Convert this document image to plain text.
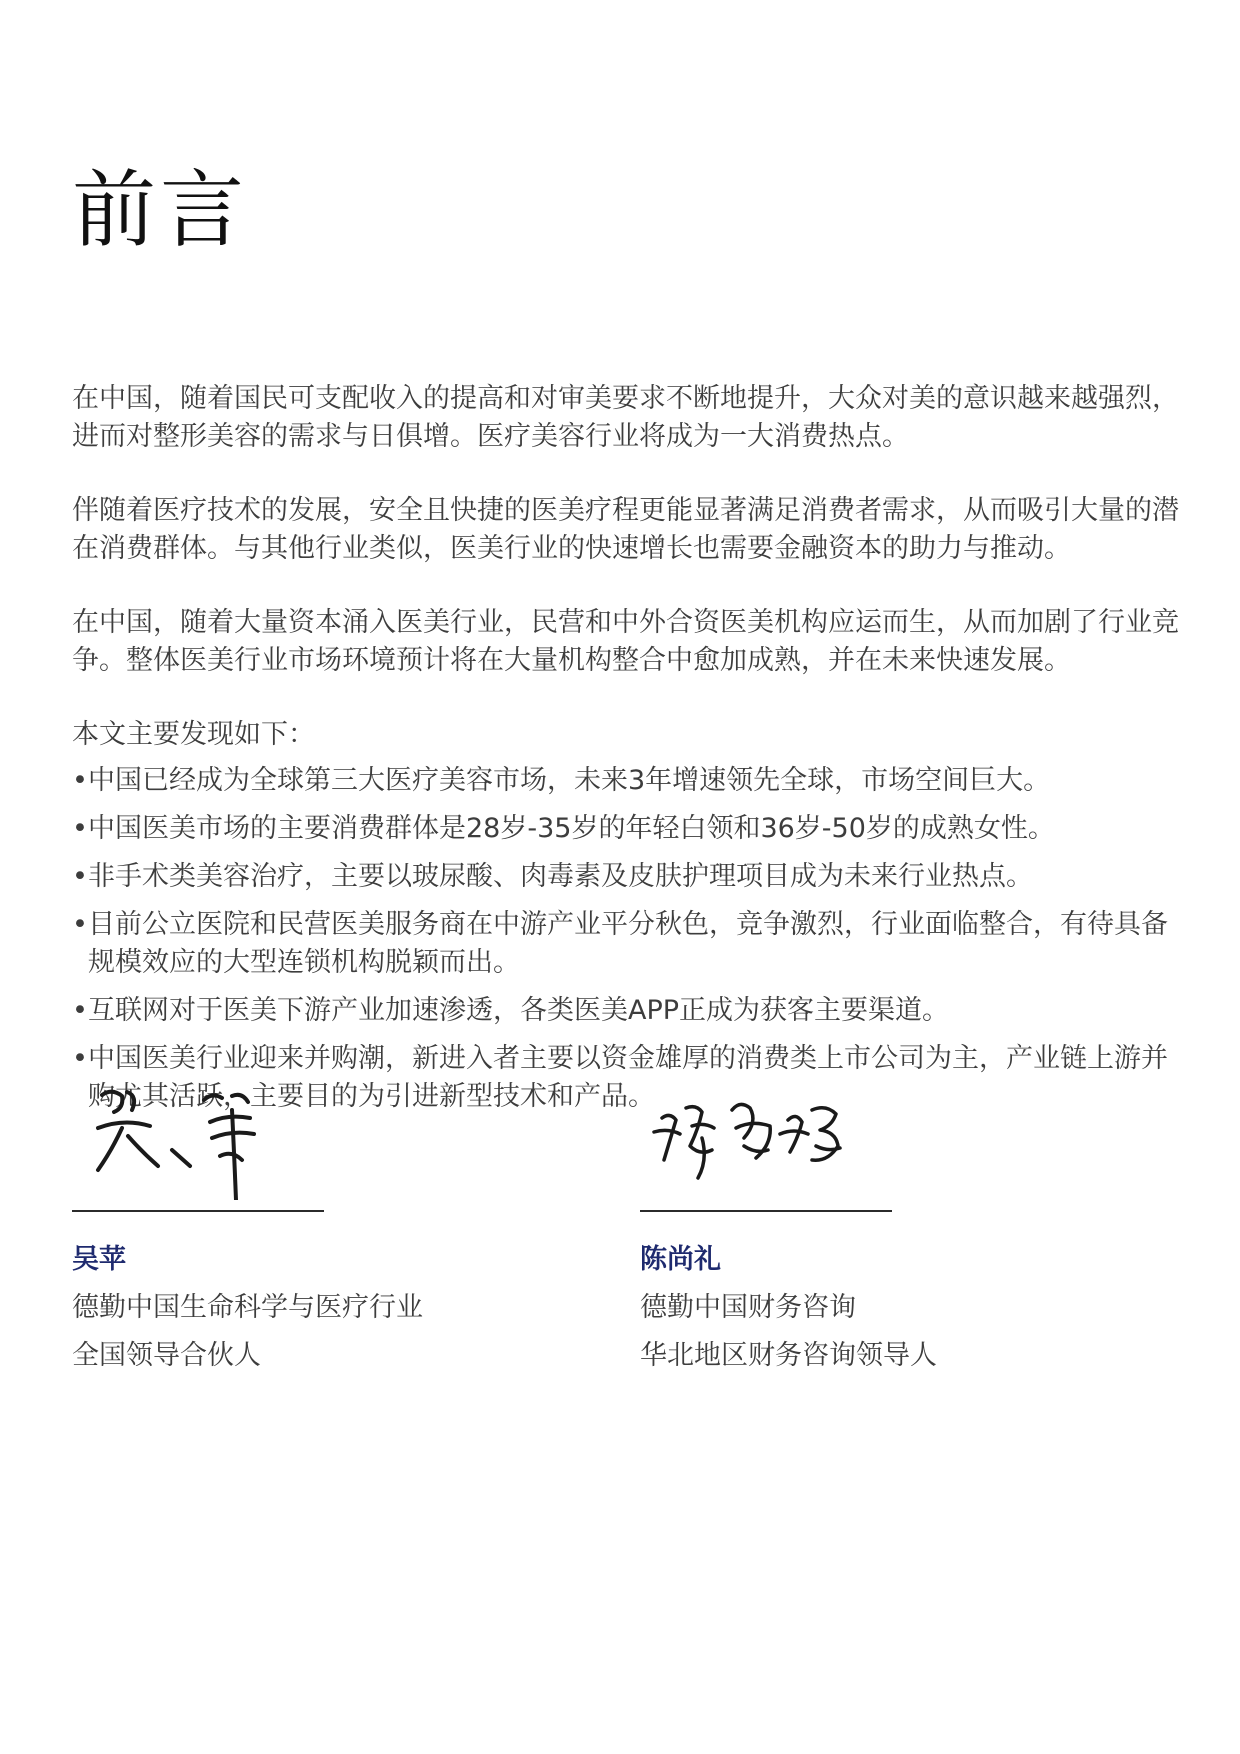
前言

在中国，随着国民可支配收入的提高和对审美要求不断地提升，大众对美的意识越来越强烈，进而对整形美容的需求与日俱增。医疗美容行业将成为一大消费热点。

伴随着医疗技术的发展，安全且快捷的医美疗程更能显著满足消费者需求，从而吸引大量的潜在消费群体。与其他行业类似，医美行业的快速增长也需要金融资本的助力与推动。

在中国，随着大量资本涌入医美行业，民营和中外合资医美机构应运而生，从而加剧了行业竞争。整体医美行业市场环境预计将在大量机构整合中愈加成熟，并在未来快速发展。

本文主要发现如下：

• 中国已经成为全球第三大医疗美容市场，未来3年增速领先全球，市场空间巨大。
• 中国医美市场的主要消费群体是28岁-35岁的年轻白领和36岁-50岁的成熟女性。
• 非手术类美容治疗，主要以玻尿酸、肉毒素及皮肤护理项目成为未来行业热点。
• 目前公立医院和民营医美服务商在中游产业平分秋色，竞争激烈，行业面临整合，有待具备规模效应的大型连锁机构脱颖而出。
• 互联网对于医美下游产业加速渗透，各类医美APP正成为获客主要渠道。
• 中国医美行业迎来并购潮，新进入者主要以资金雄厚的消费类上市公司为主，产业链上游并购尤其活跃，主要目的为引进新型技术和产品。

吴苹

德勤中国生命科学与医疗行业

全国领导合伙人

陈尚礼

德勤中国财务咨询

华北地区财务咨询领导人
